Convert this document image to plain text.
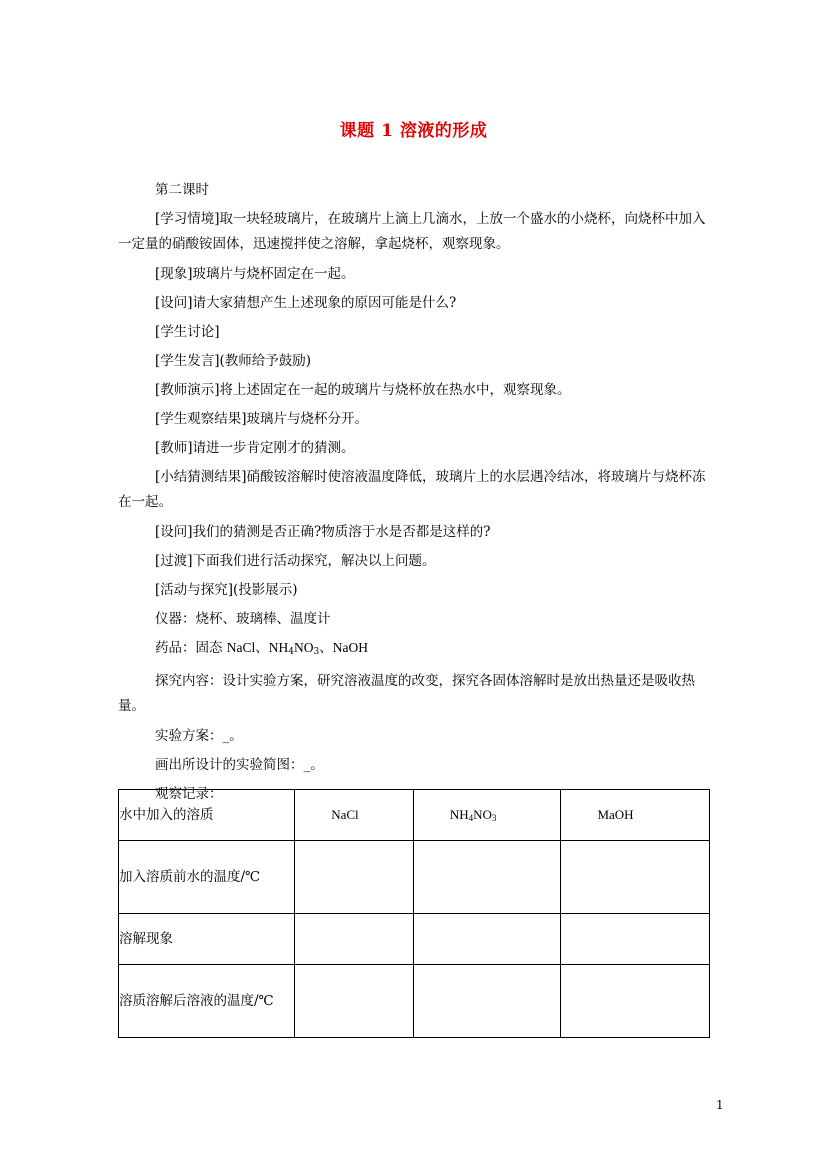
课题 1 溶液的形成

第二课时

[学习情境]取一块轻玻璃片，在玻璃片上滴上几滴水，上放一个盛水的小烧杯，向烧杯中加入一定量的硝酸铵固体，迅速搅拌使之溶解，拿起烧杯，观察现象。

[现象]玻璃片与烧杯固定在一起。

[设问]请大家猜想产生上述现象的原因可能是什么?

[学生讨论]

[学生发言](教师给予鼓励)

[教师演示]将上述固定在一起的玻璃片与烧杯放在热水中，观察现象。

[学生观察结果]玻璃片与烧杯分开。

[教师]请进一步肯定刚才的猜测。

[小结猜测结果]硝酸铵溶解时使溶液温度降低，玻璃片上的水层遇冷结冰，将玻璃片与烧杯冻在一起。

[设问]我们的猜测是否正确?物质溶于水是否都是这样的?

[过渡]下面我们进行活动探究，解决以上问题。

[活动与探究](投影展示)

仪器：烧杯、玻璃棒、温度计

药品：固态 NaCl、$NH_4NO_3$、NaOH

探究内容：设计实验方案，研究溶液温度的改变，探究各固体溶解时是放出热量还是吸收热量。

实验方案：_。

画出所设计的实验简图：_。

观察记录：

水中加入的溶质	NaCl	$NH_4NO_3$	MaOH

加入溶质前水的温度/℃			

溶解现象			

溶质溶解后溶液的温度/℃			

1
